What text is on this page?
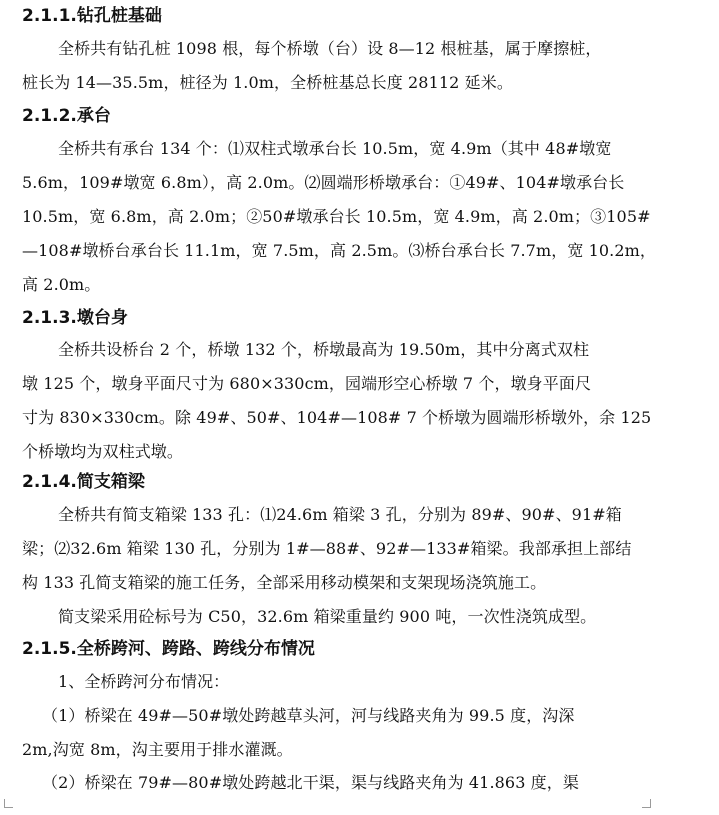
2.1.1.钻孔桩基础

全桥共有钻孔桩 1098 根，每个桥墩（台）设 8—12 根桩基，属于摩擦桩，
桩长为 14—35.5m，桩径为 1.0m，全桥桩基总长度 28112 延米。

2.1.2.承台

全桥共有承台 134 个：⑴双柱式墩承台长 10.5m，宽 4.9m（其中 48#墩宽
5.6m，109#墩宽 6.8m），高 2.0m。⑵圆端形桥墩承台：①49#、104#墩承台长
10.5m，宽 6.8m，高 2.0m；②50#墩承台长 10.5m，宽 4.9m，高 2.0m；③105#
—108#墩桥台承台长 11.1m，宽 7.5m，高 2.5m。⑶桥台承台长 7.7m，宽 10.2m，
高 2.0m。

2.1.3.墩台身

全桥共设桥台 2 个，桥墩 132 个，桥墩最高为 19.50m，其中分离式双柱
墩 125 个，墩身平面尺寸为 680×330cm，园端形空心桥墩 7 个，墩身平面尺
寸为 830×330cm。除 49#、50#、104#—108# 7 个桥墩为圆端形桥墩外，余 125
个桥墩均为双柱式墩。

2.1.4.简支箱梁

全桥共有简支箱梁 133 孔：⑴24.6m 箱梁 3 孔，分别为 89#、90#、91#箱
梁；⑵32.6m 箱梁 130 孔，分别为 1#—88#、92#—133#箱梁。我部承担上部结
构 133 孔简支箱梁的施工任务，全部采用移动模架和支架现场浇筑施工。

简支梁采用砼标号为 C50，32.6m 箱梁重量约 900 吨，一次性浇筑成型。

2.1.5.全桥跨河、跨路、跨线分布情况

1、全桥跨河分布情况：

（1）桥梁在 49#—50#墩处跨越草头河，河与线路夹角为 99.5 度，沟深
2m,沟宽 8m，沟主要用于排水灌溉。

（2）桥梁在 79#—80#墩处跨越北干渠，渠与线路夹角为 41.863 度，渠
